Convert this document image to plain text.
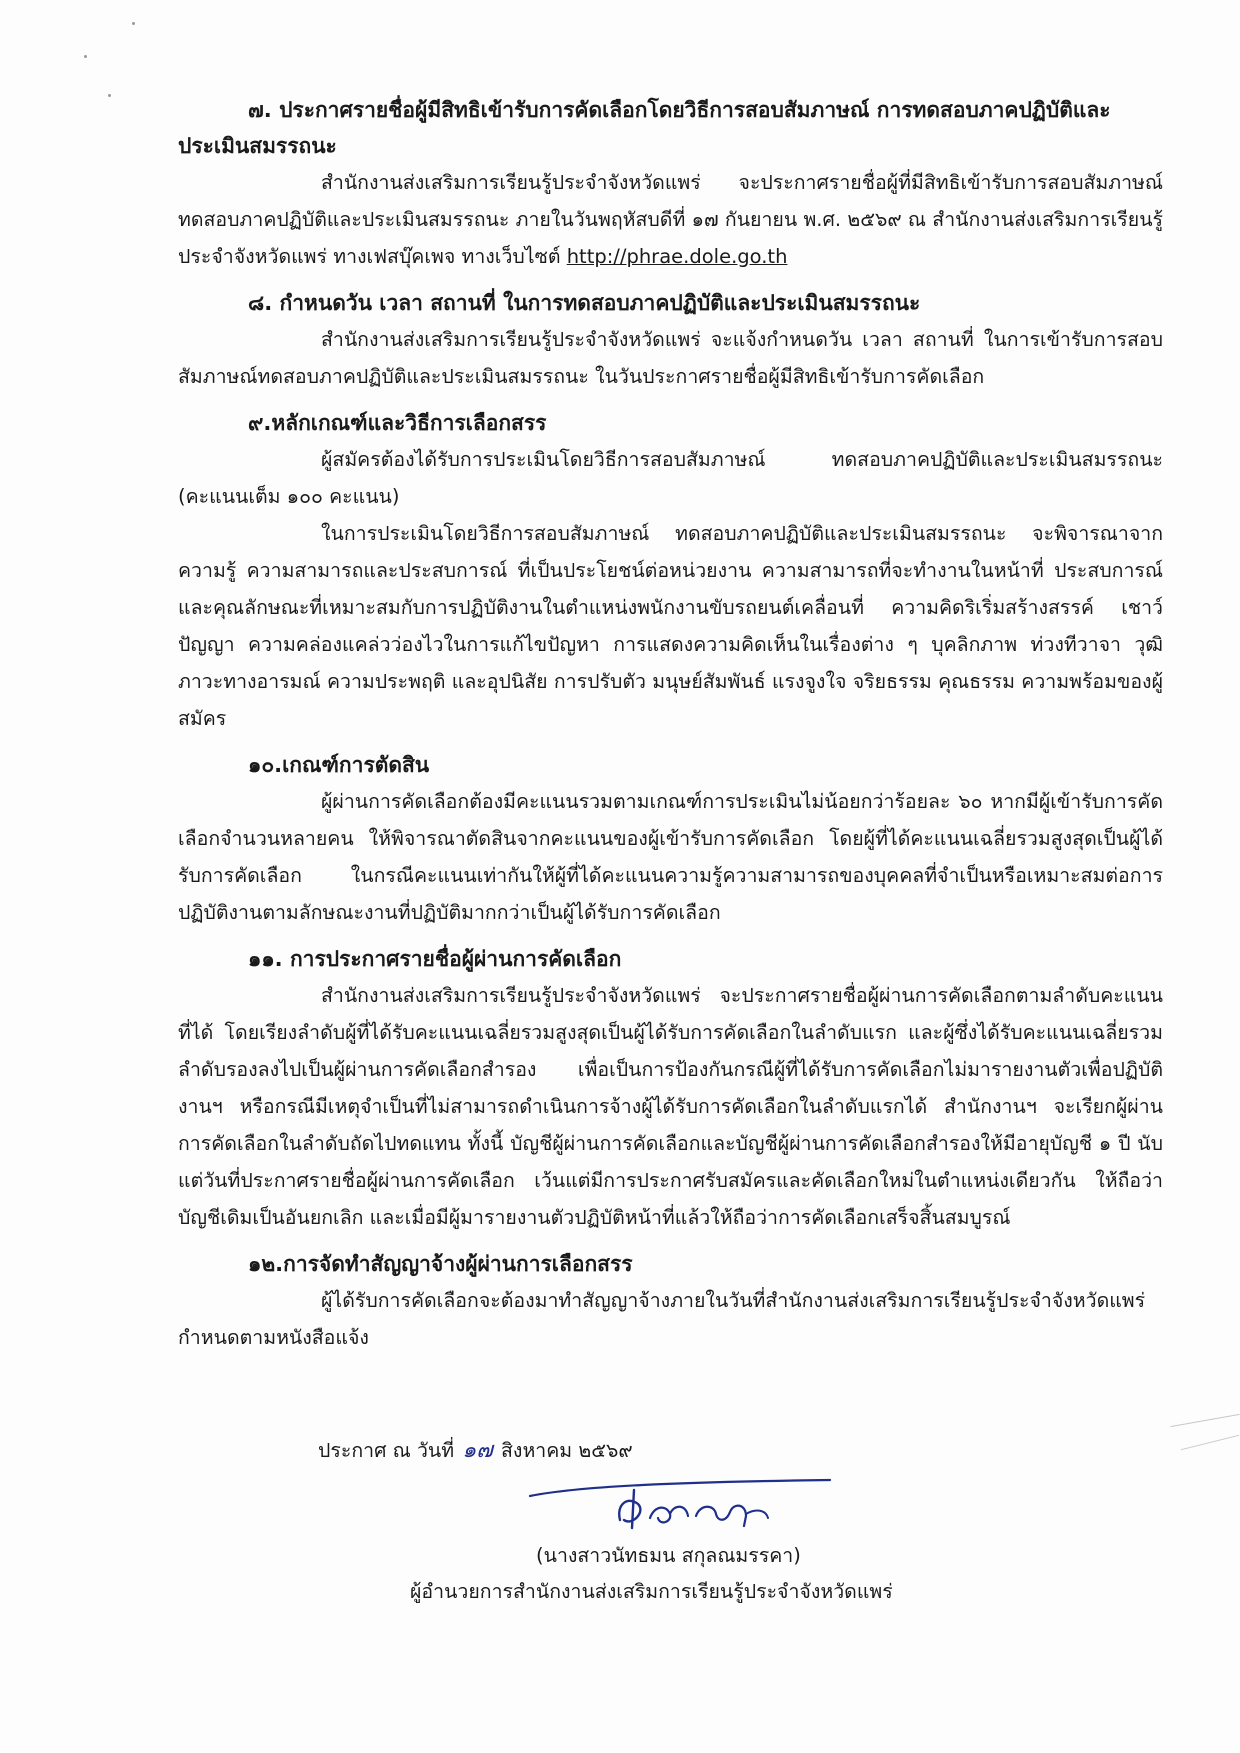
๗. ประกาศรายชื่อผู้มีสิทธิเข้ารับการคัดเลือกโดยวิธีการสอบสัมภาษณ์ การทดสอบภาคปฏิบัติและประเมินสมรรถนะ

สำนักงานส่งเสริมการเรียนรู้ประจำจังหวัดแพร่ จะประกาศรายชื่อผู้ที่มีสิทธิเข้ารับการสอบสัมภาษณ์ ทดสอบภาคปฏิบัติและประเมินสมรรถนะ ภายในวันพฤหัสบดีที่ ๑๗ กันยายน พ.ศ. ๒๕๖๙ ณ สำนักงานส่งเสริมการเรียนรู้ประจำจังหวัดแพร่ ทางเฟสบุ๊คเพจ ทางเว็บไซต์ http://phrae.dole.go.th

๘. กำหนดวัน เวลา สถานที่ ในการทดสอบภาคปฏิบัติและประเมินสมรรถนะ

สำนักงานส่งเสริมการเรียนรู้ประจำจังหวัดแพร่ จะแจ้งกำหนดวัน เวลา สถานที่ ในการเข้ารับการสอบสัมภาษณ์ทดสอบภาคปฏิบัติและประเมินสมรรถนะ ในวันประกาศรายชื่อผู้มีสิทธิเข้ารับการคัดเลือก

๙.หลักเกณฑ์และวิธีการเลือกสรร

ผู้สมัครต้องได้รับการประเมินโดยวิธีการสอบสัมภาษณ์ ทดสอบภาคปฏิบัติและประเมินสมรรถนะ (คะแนนเต็ม ๑๐๐ คะแนน)

ในการประเมินโดยวิธีการสอบสัมภาษณ์ ทดสอบภาคปฏิบัติและประเมินสมรรถนะ จะพิจารณาจากความรู้ ความสามารถและประสบการณ์ ที่เป็นประโยชน์ต่อหน่วยงาน ความสามารถที่จะทำงานในหน้าที่ ประสบการณ์ และคุณลักษณะที่เหมาะสมกับการปฏิบัติงานในตำแหน่งพนักงานขับรถยนต์เคลื่อนที่ ความคิดริเริ่มสร้างสรรค์ เชาว์ปัญญา ความคล่องแคล่วว่องไวในการแก้ไขปัญหา การแสดงความคิดเห็นในเรื่องต่าง ๆ บุคลิกภาพ ท่วงทีวาจา วุฒิภาวะทางอารมณ์ ความประพฤติ และอุปนิสัย การปรับตัว มนุษย์สัมพันธ์ แรงจูงใจ จริยธรรม คุณธรรม ความพร้อมของผู้สมัคร

๑๐.เกณฑ์การตัดสิน

ผู้ผ่านการคัดเลือกต้องมีคะแนนรวมตามเกณฑ์การประเมินไม่น้อยกว่าร้อยละ ๖๐ หากมีผู้เข้ารับการคัดเลือกจำนวนหลายคน ให้พิจารณาตัดสินจากคะแนนของผู้เข้ารับการคัดเลือก โดยผู้ที่ได้คะแนนเฉลี่ยรวมสูงสุดเป็นผู้ได้รับการคัดเลือก ในกรณีคะแนนเท่ากันให้ผู้ที่ได้คะแนนความรู้ความสามารถของบุคคลที่จำเป็นหรือเหมาะสมต่อการปฏิบัติงานตามลักษณะงานที่ปฏิบัติมากกว่าเป็นผู้ได้รับการคัดเลือก

๑๑. การประกาศรายชื่อผู้ผ่านการคัดเลือก

สำนักงานส่งเสริมการเรียนรู้ประจำจังหวัดแพร่ จะประกาศรายชื่อผู้ผ่านการคัดเลือกตามลำดับคะแนนที่ได้ โดยเรียงลำดับผู้ที่ได้รับคะแนนเฉลี่ยรวมสูงสุดเป็นผู้ได้รับการคัดเลือกในลำดับแรก และผู้ซึ่งได้รับคะแนนเฉลี่ยรวมลำดับรองลงไปเป็นผู้ผ่านการคัดเลือกสำรอง เพื่อเป็นการป้องกันกรณีผู้ที่ได้รับการคัดเลือกไม่มารายงานตัวเพื่อปฏิบัติงานฯ หรือกรณีมีเหตุจำเป็นที่ไม่สามารถดำเนินการจ้างผู้ได้รับการคัดเลือกในลำดับแรกได้ สำนักงานฯ จะเรียกผู้ผ่านการคัดเลือกในลำดับถัดไปทดแทน ทั้งนี้ บัญชีผู้ผ่านการคัดเลือกและบัญชีผู้ผ่านการคัดเลือกสำรองให้มีอายุบัญชี ๑ ปี นับแต่วันที่ประกาศรายชื่อผู้ผ่านการคัดเลือก เว้นแต่มีการประกาศรับสมัครและคัดเลือกใหม่ในตำแหน่งเดียวกัน ให้ถือว่าบัญชีเดิมเป็นอันยกเลิก และเมื่อมีผู้มารายงานตัวปฏิบัติหน้าที่แล้วให้ถือว่าการคัดเลือกเสร็จสิ้นสมบูรณ์

๑๒.การจัดทำสัญญาจ้างผู้ผ่านการเลือกสรร

ผู้ได้รับการคัดเลือกจะต้องมาทำสัญญาจ้างภายในวันที่สำนักงานส่งเสริมการเรียนรู้ประจำจังหวัดแพร่ กำหนดตามหนังสือแจ้ง

ประกาศ ณ วันที่ ๑๗ สิงหาคม ๒๕๖๙
(นางสาวนัทธมน สกุลณมรรคา)
ผู้อำนวยการสำนักงานส่งเสริมการเรียนรู้ประจำจังหวัดแพร่
